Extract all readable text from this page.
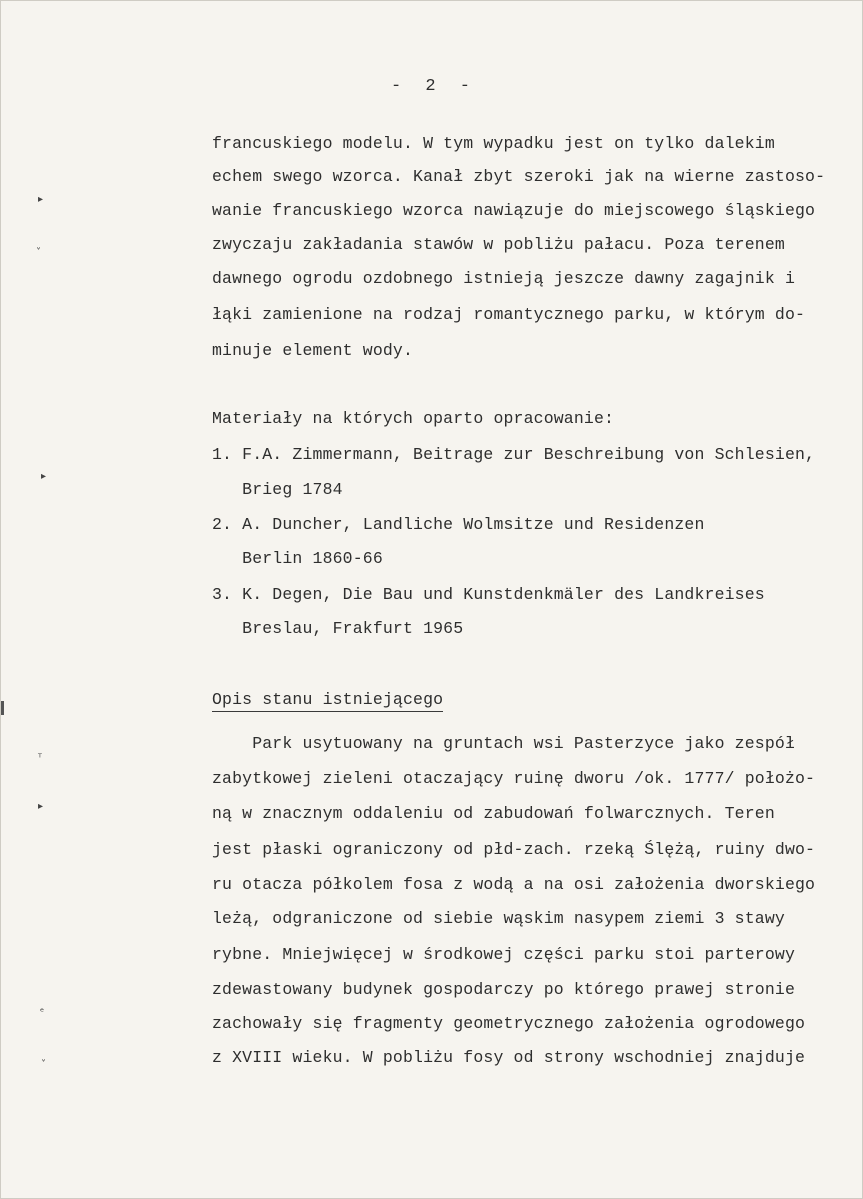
- 2 -
francuskiego modelu. W tym wypadku jest on tylko dalekim
echem swego wzorca. Kanał zbyt szeroki jak na wierne zastoso-
wanie francuskiego wzorca nawiązuje do miejscowego śląskiego
zwyczaju zakładania stawów w pobliżu pałacu. Poza terenem
dawnego ogrodu ozdobnego istnieją jeszcze dawny zagajnik i
łąki zamienione na rodzaj romantycznego parku, w którym do-
minuje element wody.
Materiały na których oparto opracowanie:
1. F.A. Zimmermann, Beitrage zur Beschreibung von Schlesien,
Brieg 1784
2. A. Duncher, Landliche Wolmsitze und Residenzen
Berlin 1860-66
3. K. Degen, Die Bau und Kunstdenkmäler des Landkreises
Breslau, Frakfurt 1965
Opis stanu istniejącego
Park usytuowany na gruntach wsi Pasterzyce jako zespół
zabytkowej zieleni otaczający ruinę dworu /ok. 1777/ położo-
ną w znacznym oddaleniu od zabudowań folwarcznych. Teren
jest płaski ograniczony od płd-zach. rzeką Ślężą, ruiny dwo-
ru otacza półkolem fosa z wodą a na osi założenia dworskiego
leżą, odgraniczone od siebie wąskim nasypem ziemi 3 stawy
rybne. Mniejwięcej w środkowej części parku stoi parterowy
zdewastowany budynek gospodarczy po którego prawej stronie
zachowały się fragmenty geometrycznego założenia ogrodowego
z XVIII wieku. W pobliżu fosy od strony wschodniej znajduje
▸
˅
▸
ᵀ
▸
ᵉ
˅
